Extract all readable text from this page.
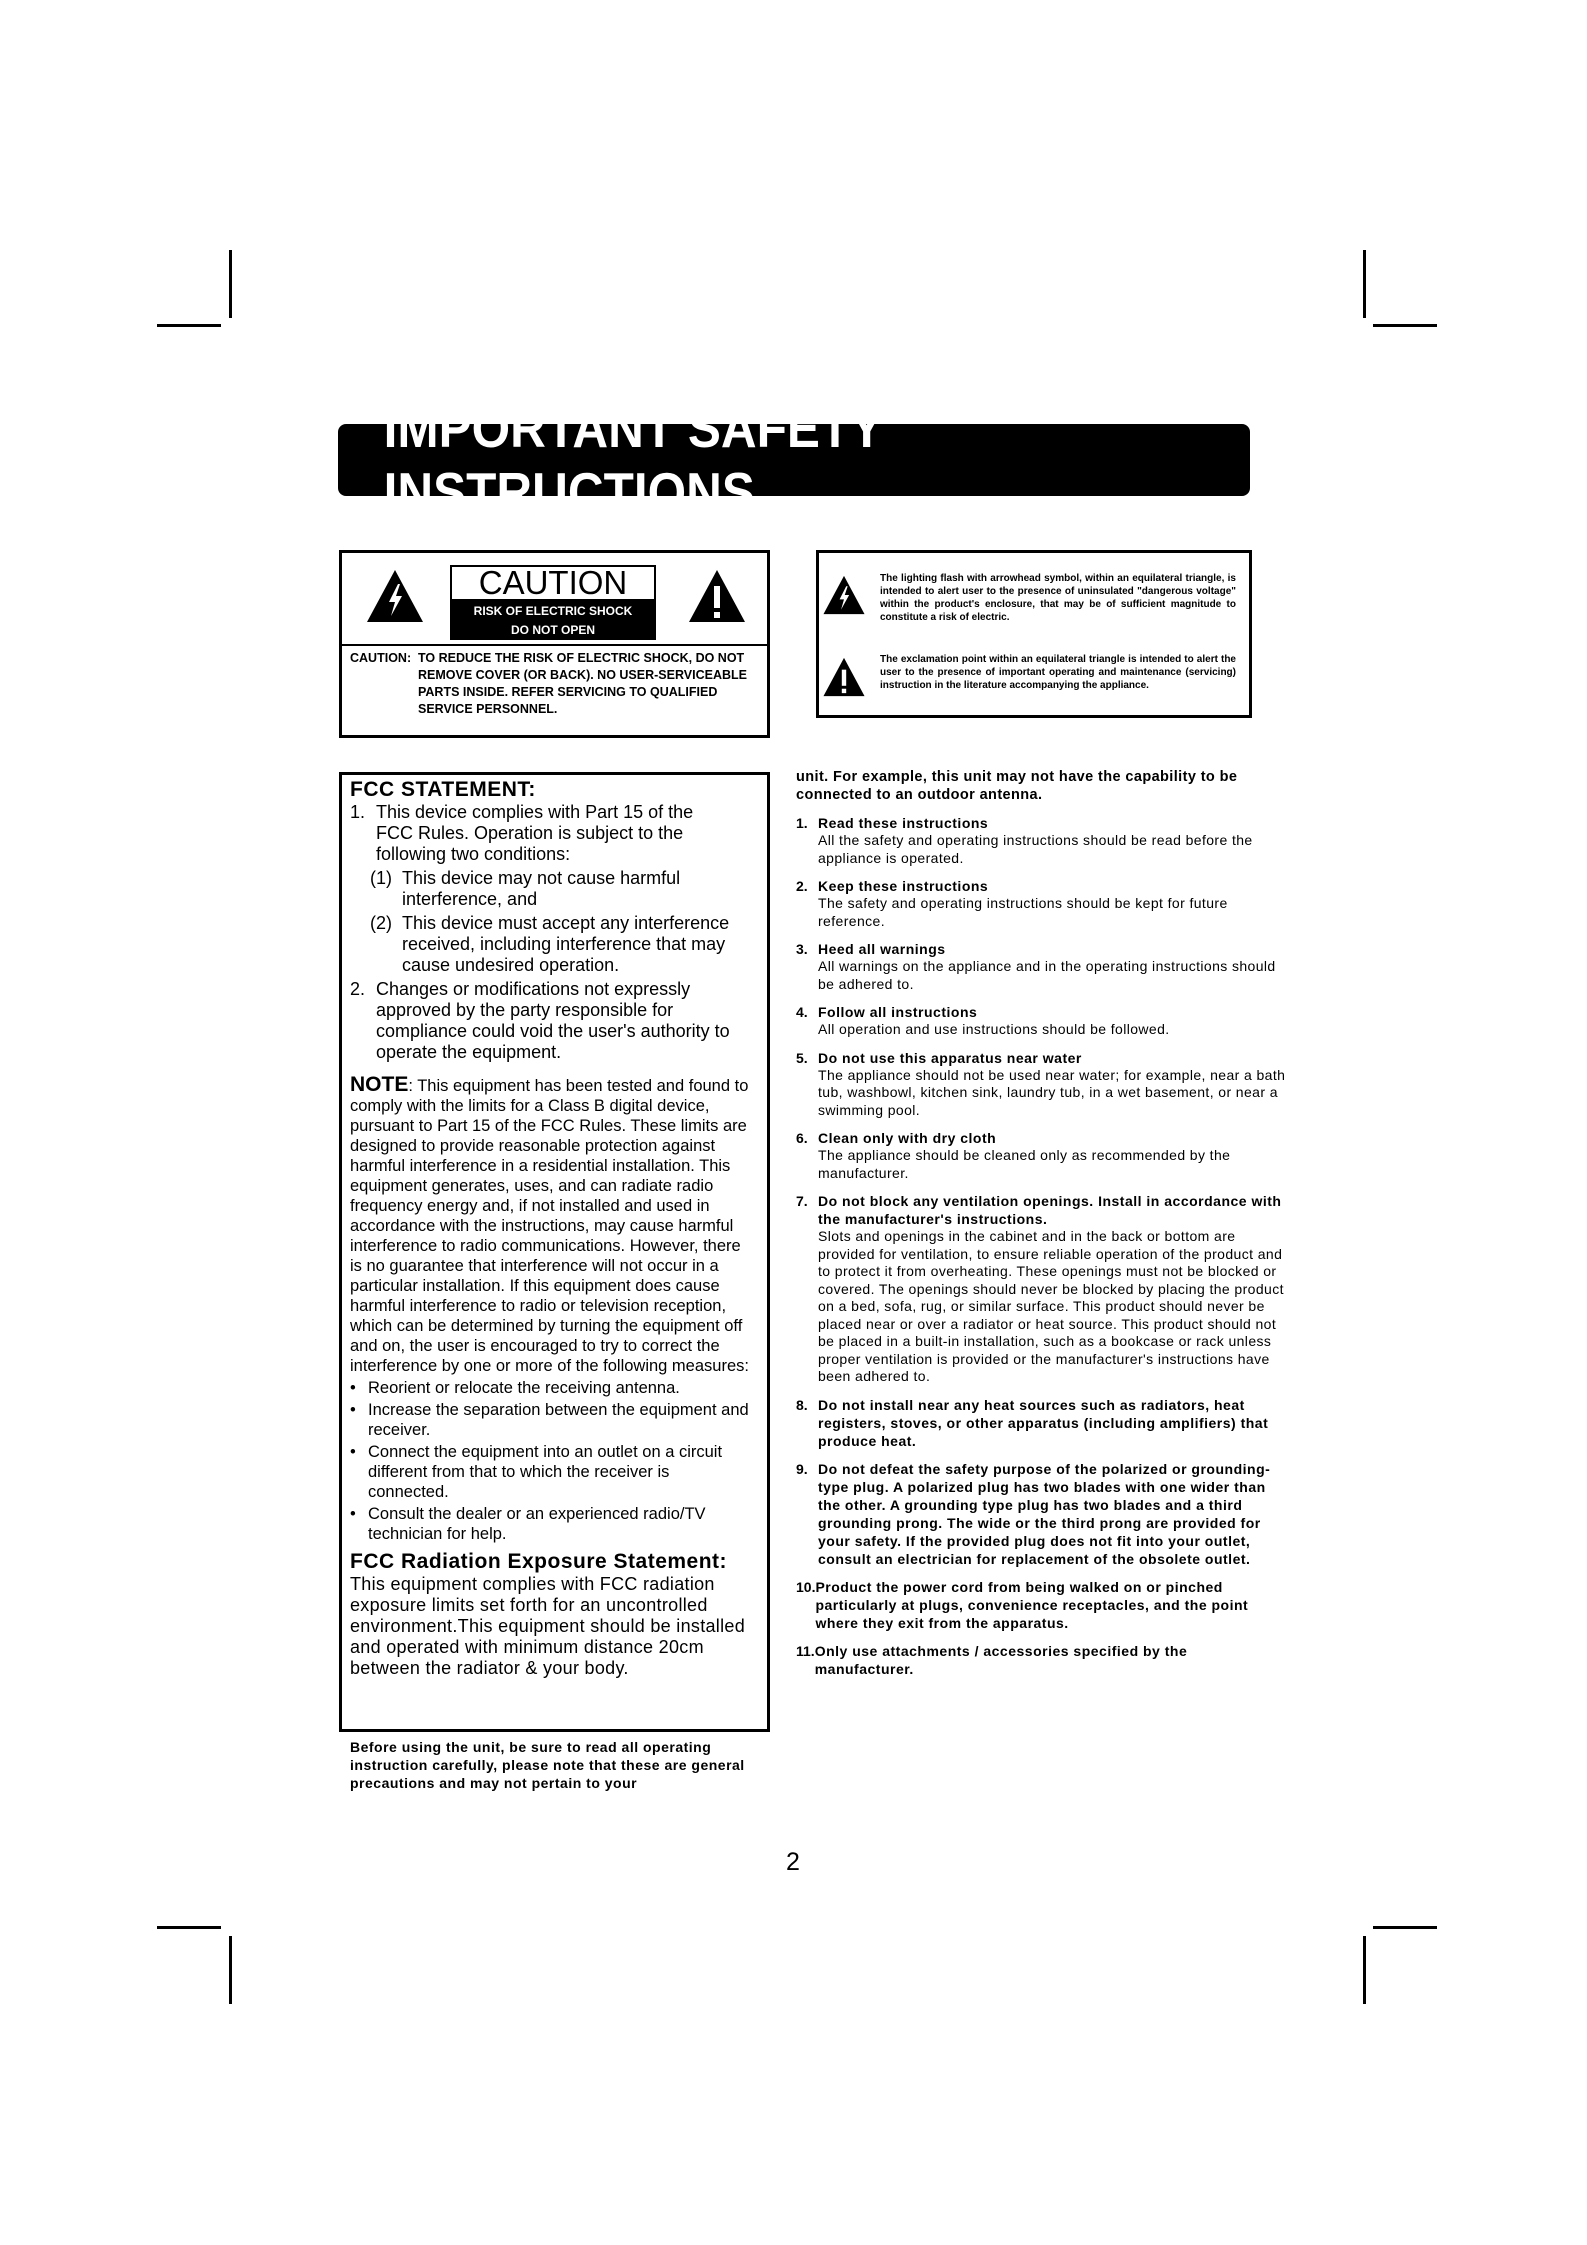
IMPORTANT SAFETY INSTRUCTIONS
CAUTION
RISK OF ELECTRIC SHOCK
DO NOT OPEN
CAUTION: TO REDUCE THE RISK OF ELECTRIC SHOCK, DO NOT
REMOVE COVER (OR BACK). NO USER-SERVICEABLE
PARTS INSIDE. REFER SERVICING TO QUALIFIED
SERVICE PERSONNEL.
The lighting flash with arrowhead symbol, within an equilateral triangle, is intended to alert user to the presence of uninsulated "dangerous voltage" within the product's enclosure, that may be of sufficient magnitude to constitute a risk of electric.
The exclamation point within an equilateral triangle is intended to alert the user to the presence of important operating and maintenance (servicing) instruction in the literature accompanying the appliance.
FCC STATEMENT:
1. This device complies with Part 15 of the FCC Rules. Operation is subject to the following two conditions:
(1) This device may not cause harmful interference, and
(2) This device must accept any interference received, including interference that may cause undesired operation.
2. Changes or modifications not expressly approved by the party responsible for compliance could void the user's authority to operate the equipment.
NOTE: This equipment has been tested and found to comply with the limits for a Class B digital device, pursuant to Part 15 of the FCC Rules. These limits are designed to provide reasonable protection against harmful interference in a residential installation. This equipment generates, uses, and can radiate radio frequency energy and, if not installed and used in accordance with the instructions, may cause harmful interference to radio communications. However, there is no guarantee that interference will not occur in a particular installation. If this equipment does cause harmful interference to radio or television reception, which can be determined by turning the equipment off and on, the user is encouraged to try to correct the interference by one or more of the following measures:
• Reorient or relocate the receiving antenna.
• Increase the separation between the equipment and receiver.
• Connect the equipment into an outlet on a circuit different from that to which the receiver is connected.
• Consult the dealer or an experienced radio/TV technician for help.
FCC Radiation Exposure Statement:
This equipment complies with FCC radiation exposure limits set forth for an uncontrolled environment.This equipment should be installed and operated with minimum distance 20cm between the radiator & your body.
Before using the unit, be sure to read all operating instruction carefully, please note that these are general precautions and may not pertain to your
unit. For example, this unit may not have the capability to be connected to an outdoor antenna.
1. Read these instructions
All the safety and operating instructions should be read before the appliance is operated.
2. Keep these instructions
The safety and operating instructions should be kept for future reference.
3. Heed all warnings
All warnings on the appliance and in the operating instructions should be adhered to.
4. Follow all instructions
All operation and use instructions should be followed.
5. Do not use this apparatus near water
The appliance should not be used near water; for example, near a bath tub, washbowl, kitchen sink, laundry tub, in a wet basement, or near a swimming pool.
6. Clean only with dry cloth
The appliance should be cleaned only as recommended by the manufacturer.
7. Do not block any ventilation openings. Install in accordance with the manufacturer's instructions.
Slots and openings in the cabinet and in the back or bottom are provided for ventilation, to ensure reliable operation of the product and to protect it from overheating. These openings must not be blocked or covered. The openings should never be blocked by placing the product on a bed, sofa, rug, or similar surface. This product should never be placed near or over a radiator or heat source. This product should not be placed in a built-in installation, such as a bookcase or rack unless proper ventilation is provided or the manufacturer's instructions have been adhered to.
8. Do not install near any heat sources such as radiators, heat registers, stoves, or other apparatus (including amplifiers) that produce heat.
9. Do not defeat the safety purpose of the polarized or grounding-type plug. A polarized plug has two blades with one wider than the other. A grounding type plug has two blades and a third grounding prong. The wide or the third prong are provided for your safety. If the provided plug does not fit into your outlet, consult an electrician for replacement of the obsolete outlet.
10. Product the power cord from being walked on or pinched particularly at plugs, convenience receptacles, and the point where they exit from the apparatus.
11. Only use attachments / accessories specified by the manufacturer.
2
